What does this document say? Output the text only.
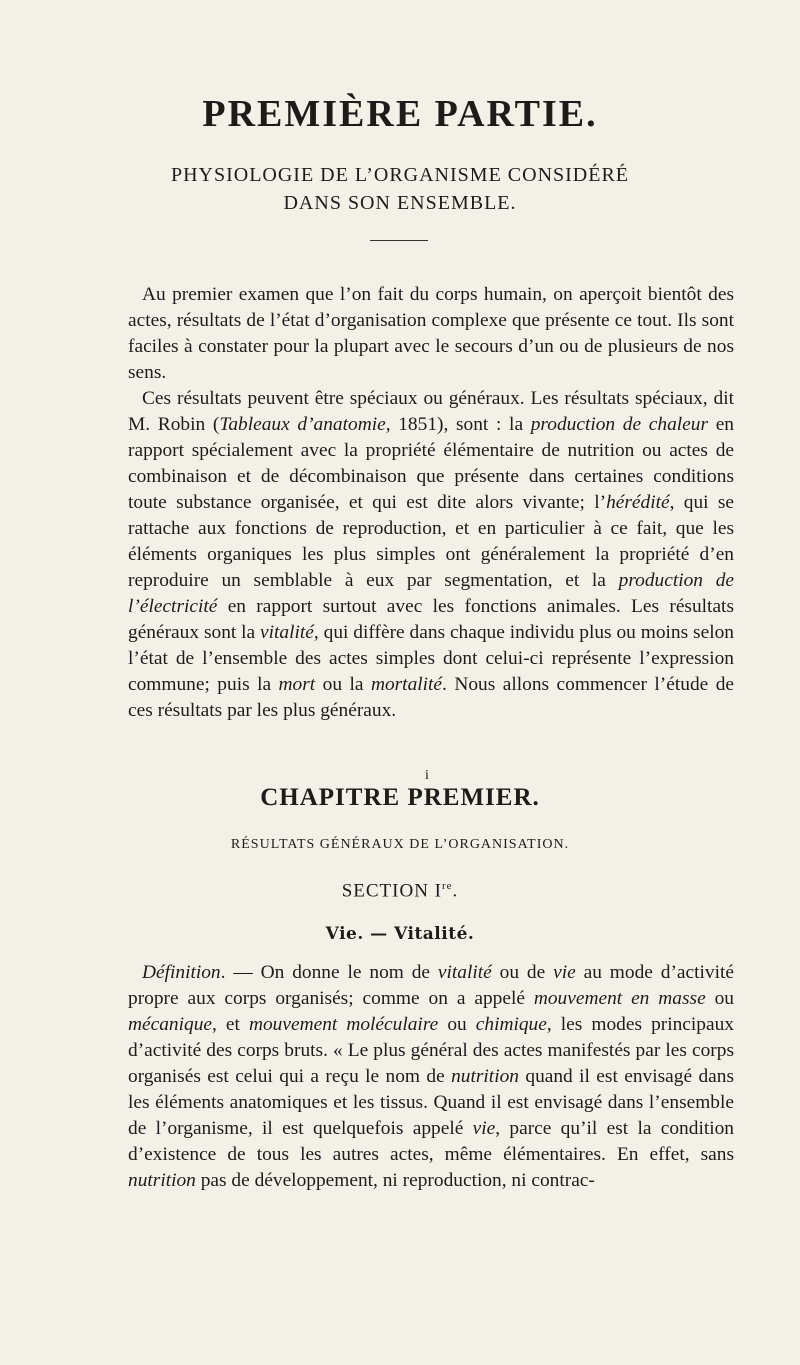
PREMIÈRE PARTIE.
PHYSIOLOGIE DE L’ORGANISME CONSIDÉRÉ
DANS SON ENSEMBLE.

Au premier examen que l’on fait du corps humain, on aperçoit bientôt des actes, résultats de l’état d’organisation complexe que présente ce tout. Ils sont faciles à constater pour la plupart avec le secours d’un ou de plusieurs de nos sens.

Ces résultats peuvent être spéciaux ou généraux. Les résultats spéciaux, dit M. Robin (Tableaux d’anatomie, 1851), sont : la production de chaleur en rapport spécialement avec la propriété élémentaire de nutrition ou actes de combinaison et de décombinaison que présente dans certaines conditions toute substance organisée, et qui est dite alors vivante; l’hérédité, qui se rattache aux fonctions de reproduction, et en particulier à ce fait, que les éléments organiques les plus simples ont généralement la propriété d’en reproduire un semblable à eux par segmentation, et la production de l’électricité en rapport surtout avec les fonctions animales. Les résultats généraux sont la vitalité, qui diffère dans chaque individu plus ou moins selon l’état de l’ensemble des actes simples dont celui-ci représente l’expression commune; puis la mort ou la mortalité. Nous allons commencer l’étude de ces résultats par les plus généraux.

i
CHAPITRE PREMIER.
RÉSULTATS GÉNÉRAUX DE L’ORGANISATION.
SECTION Ire.
Vie. — Vitalité.

Définition. — On donne le nom de vitalité ou de vie au mode d’activité propre aux corps organisés; comme on a appelé mouvement en masse ou mécanique, et mouvement moléculaire ou chimique, les modes principaux d’activité des corps bruts. « Le plus général des actes manifestés par les corps organisés est celui qui a reçu le nom de nutrition quand il est envisagé dans les éléments anatomiques et les tissus. Quand il est envisagé dans l’ensemble de l’organisme, il est quelquefois appelé vie, parce qu’il est la condition d’existence de tous les autres actes, même élémentaires. En effet, sans nutrition pas de développement, ni reproduction, ni contrac-
